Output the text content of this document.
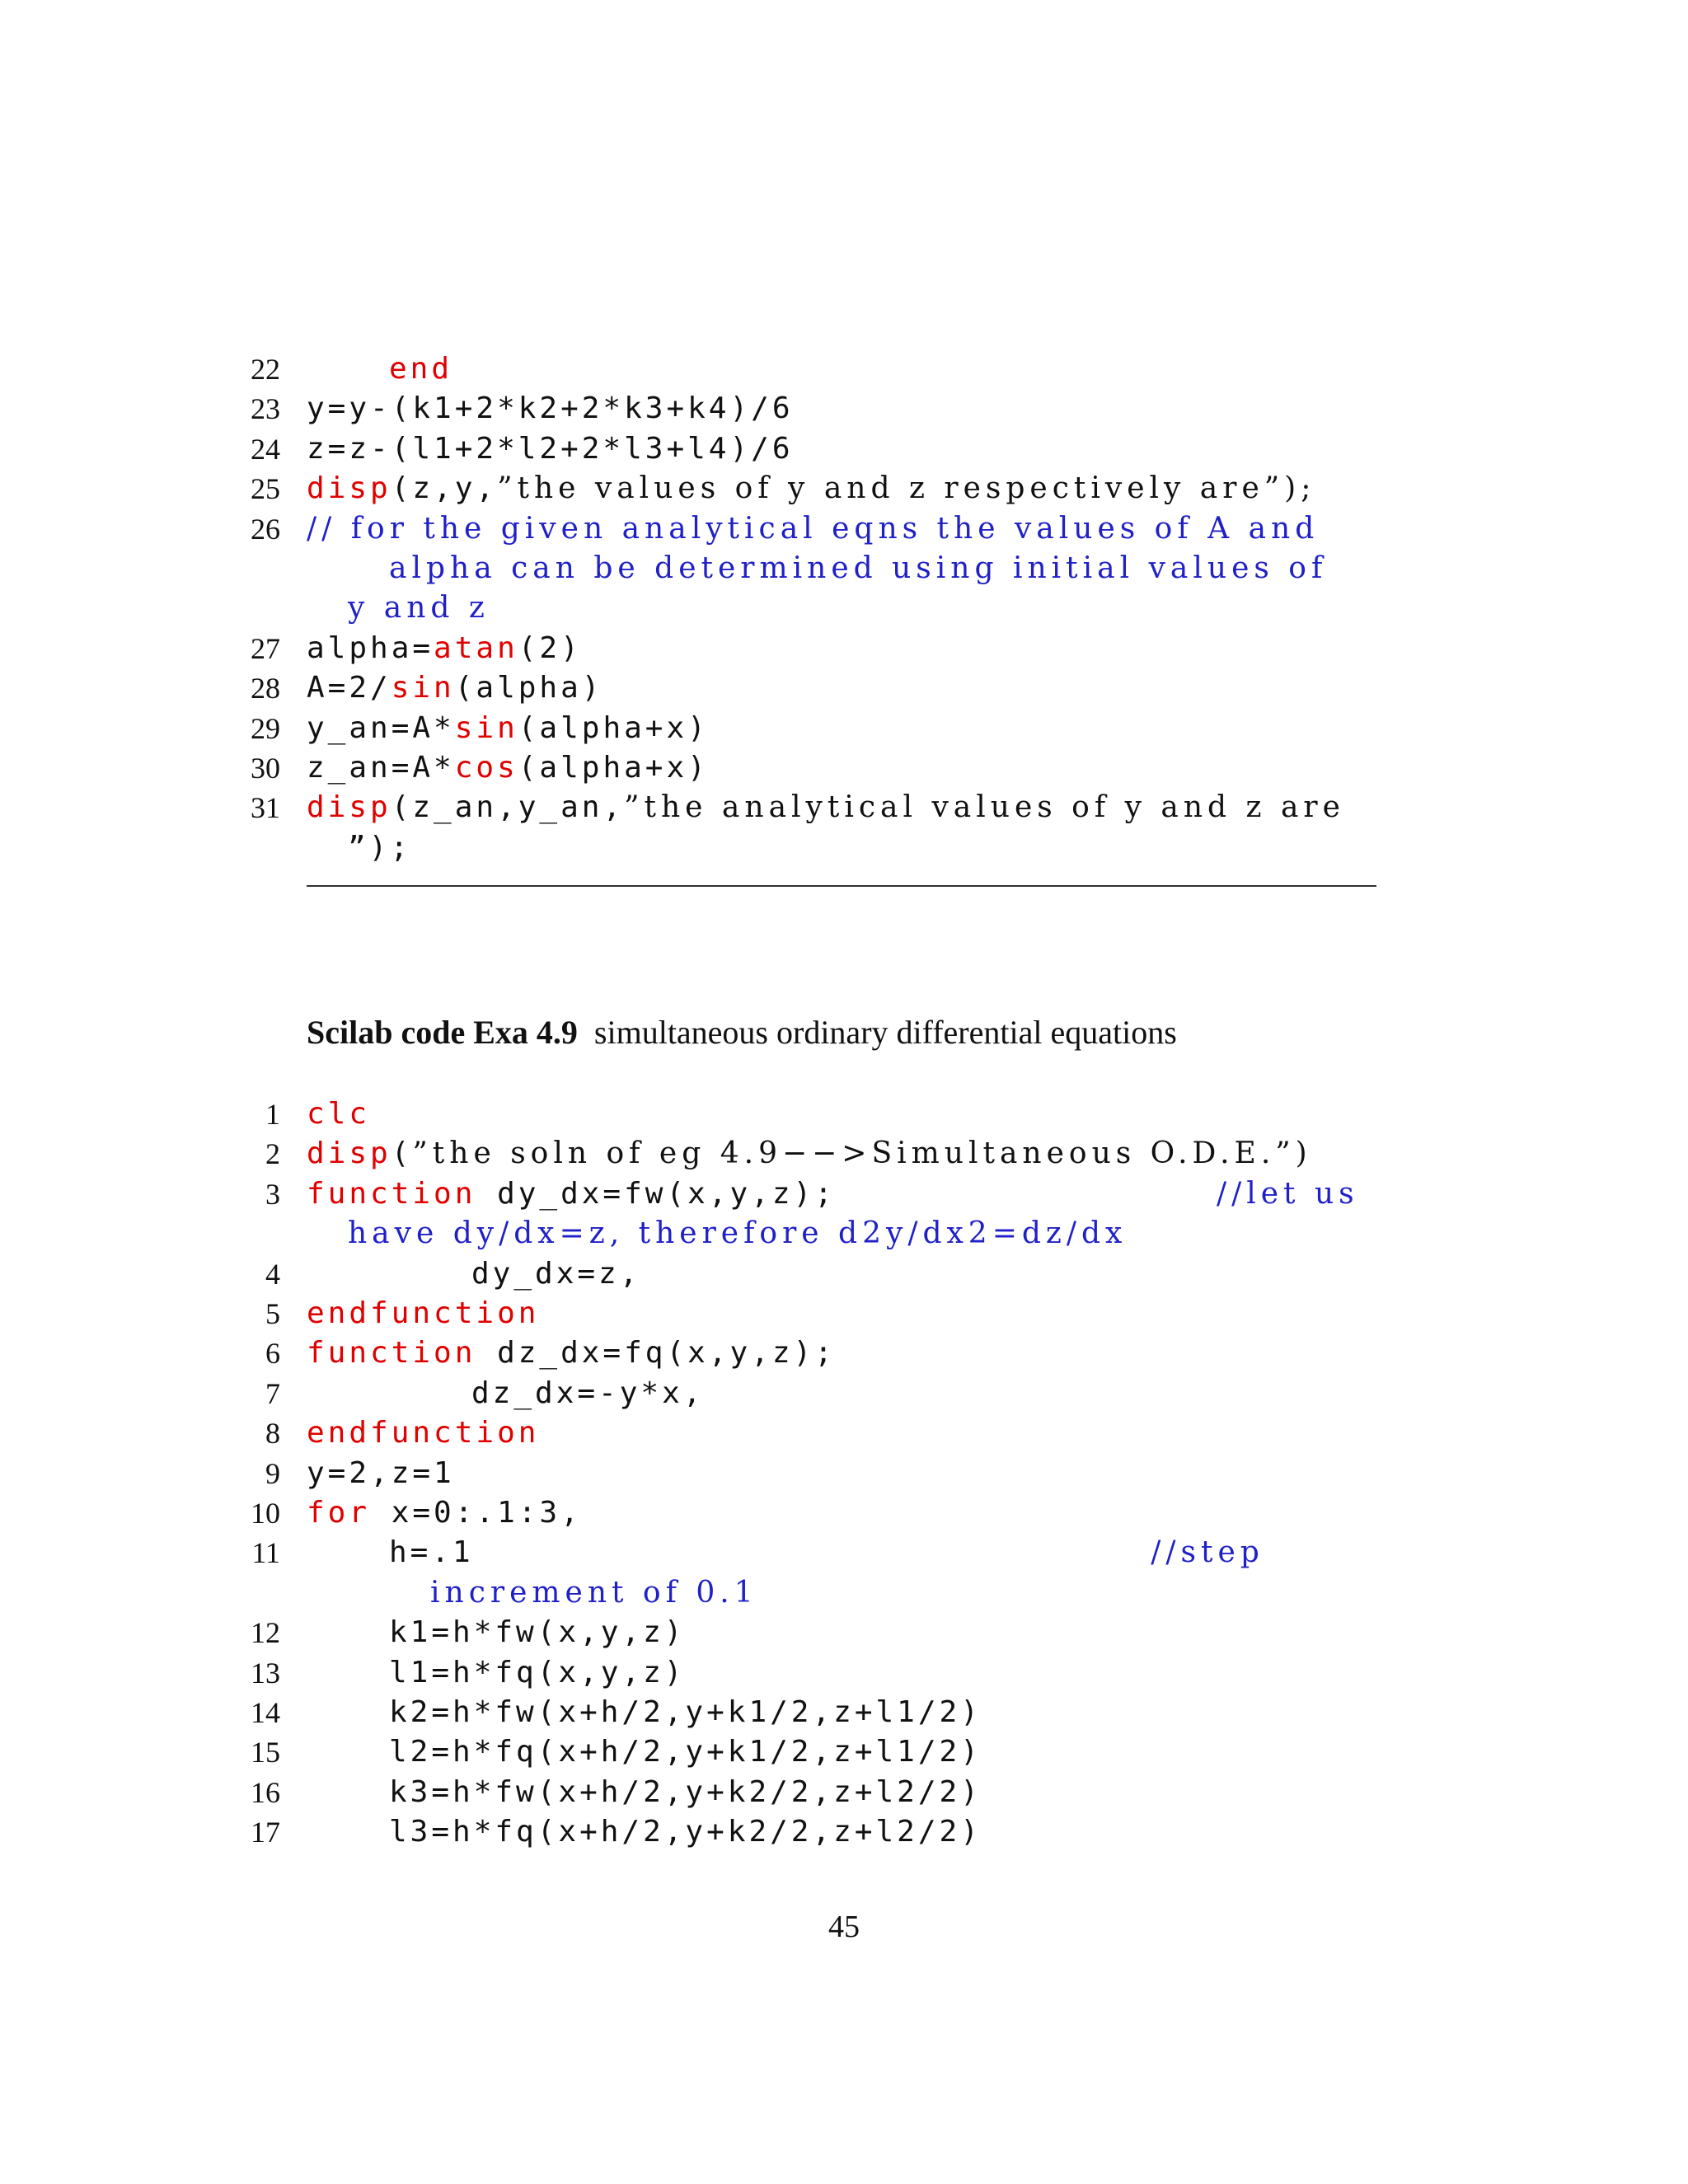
22	end
23 y=y-(k1+2*k2+2*k3+k4)/6
24 z=z-(l1+2*l2+2*l3+l4)/6
25 disp(z,y,”the values of y and z respectively are”);
26 // for the given analytical eqns the values of A and
alpha can be determined using initial values of
y and z
27 alpha=atan(2)
28 A=2/sin(alpha)
29 y_an=A*sin(alpha+x)
30 z_an=A*cos(alpha+x)
31 disp(z_an,y_an,”the analytical values of y and z are
”);
Scilab code Exa 4.9 simultaneous ordinary differential equations
1 clc
2 disp(”the soln of eg 4.9−−>Simultaneous O.D.E.”)
3 function dy_dx=fw(x,y,z);                  //let us
have dy/dx=z, therefore d2y/dx2=dz/dx
4	dy_dx=z,
5 endfunction
6 function dz_dx=fq(x,y,z);
7	dz_dx=-y*x,
8 endfunction
9 y=2,z=1
10 for x=0:.1:3,
11	h=.1                                //step
increment of 0.1
12	k1=h*fw(x,y,z)
13	l1=h*fq(x,y,z)
14	k2=h*fw(x+h/2,y+k1/2,z+l1/2)
15	l2=h*fq(x+h/2,y+k1/2,z+l1/2)
16	k3=h*fw(x+h/2,y+k2/2,z+l2/2)
17	l3=h*fq(x+h/2,y+k2/2,z+l2/2)
45
